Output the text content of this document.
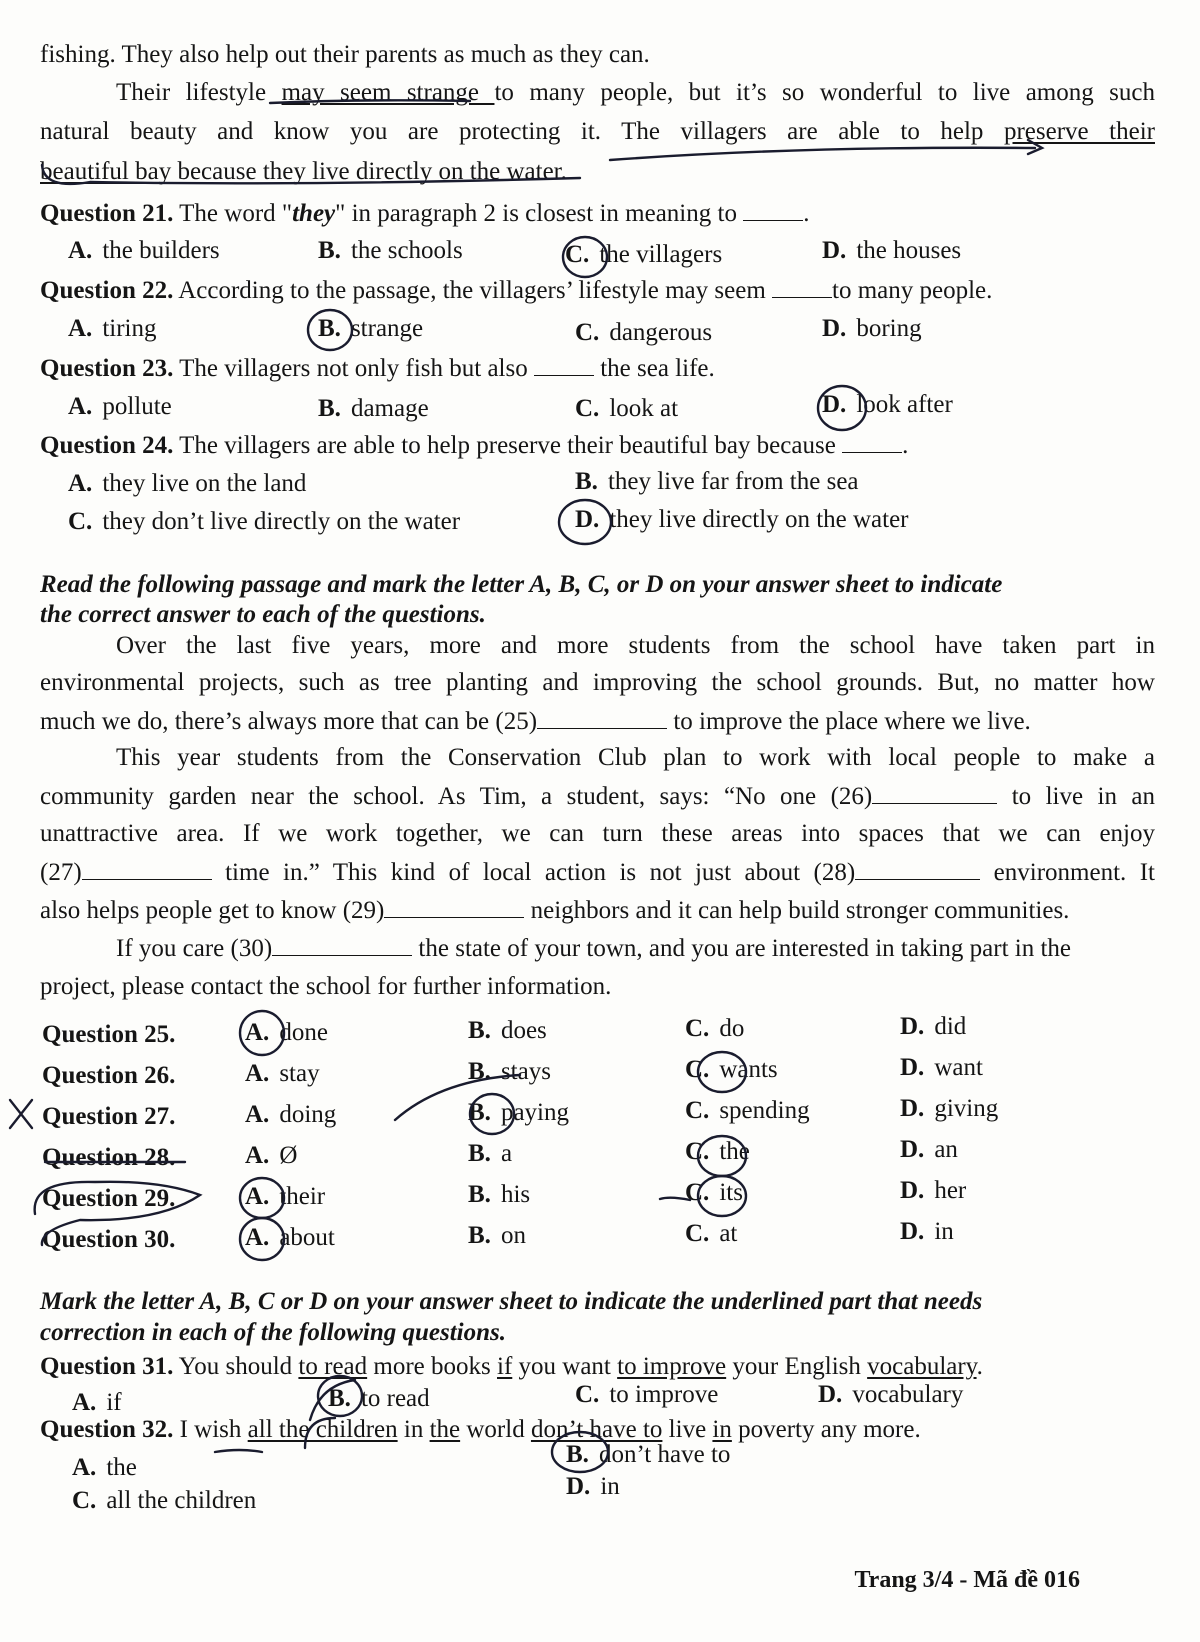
fishing. They also help out their parents as much as they can.
Their lifestyle may seem strange to many people, but it’s so wonderful to live among such
natural beauty and know you are protecting it. The villagers are able to help preserve their
beautiful bay because they live directly on the water.
Question 21. The word "they" in paragraph 2 is closest in meaning to	.
A. the builders	B. the schools	C. the villagers	D. the houses
Question 22. According to the passage, the villagers’ lifestyle may seem to many people.
A. tiring	B. strange	C. dangerous	D. boring
Question 23. The villagers not only fish but also  the sea life.
A. pollute	B. damage	C. look at	D. look after
Question 24. The villagers are able to help preserve their beautiful bay because .
A. they live on the land	B. they live far from the sea
C. they don’t live directly on the water	D. they live directly on the water
Read the following passage and mark the letter A, B, C, or D on your answer sheet to indicate
the correct answer to each of the questions.
Over the last five years, more and more students from the school have taken part in
environmental projects, such as tree planting and improving the school grounds. But, no matter how
much we do, there’s always more that can be (25)	to improve the place where we live.
This year students from the Conservation Club plan to work with local people to make a
community garden near the school. As Tim, a student, says: “No one (26)	to live in an
unattractive area. If we work together, we can turn these areas into spaces that we can enjoy
(27)	time in.” This kind of local action is not just about (28)	environment. It
also helps people get to know (29)	neighbors and it can help build stronger communities.
If you care (30)	the state of your town, and you are interested in taking part in the
project, please contact the school for further information.
Question 25.	A. done	B. does	C. do	D. did
Question 26.	A. stay	B. stays	C. wants	D. want
Question 27.	A. doing	B. paying	C. spending	D. giving
Question 28.	A. Ø	B. a	C. the	D. an
Question 29.	A. their	B. his	C. its	D. her
Question 30.	A. about	B. on	C. at	D. in
Mark the letter A, B, C or D on your answer sheet to indicate the underlined part that needs
correction in each of the following questions.
Question 31. You should to read more books if you want to improve your English vocabulary.
A. if	B. to read	C. to improve	D. vocabulary
Question 32. I wish all the children in the world don’t have to live in poverty any more.
A. the	B. don’t have to
C. all the children
D. in
Trang 3/4 - Mã đề 016
